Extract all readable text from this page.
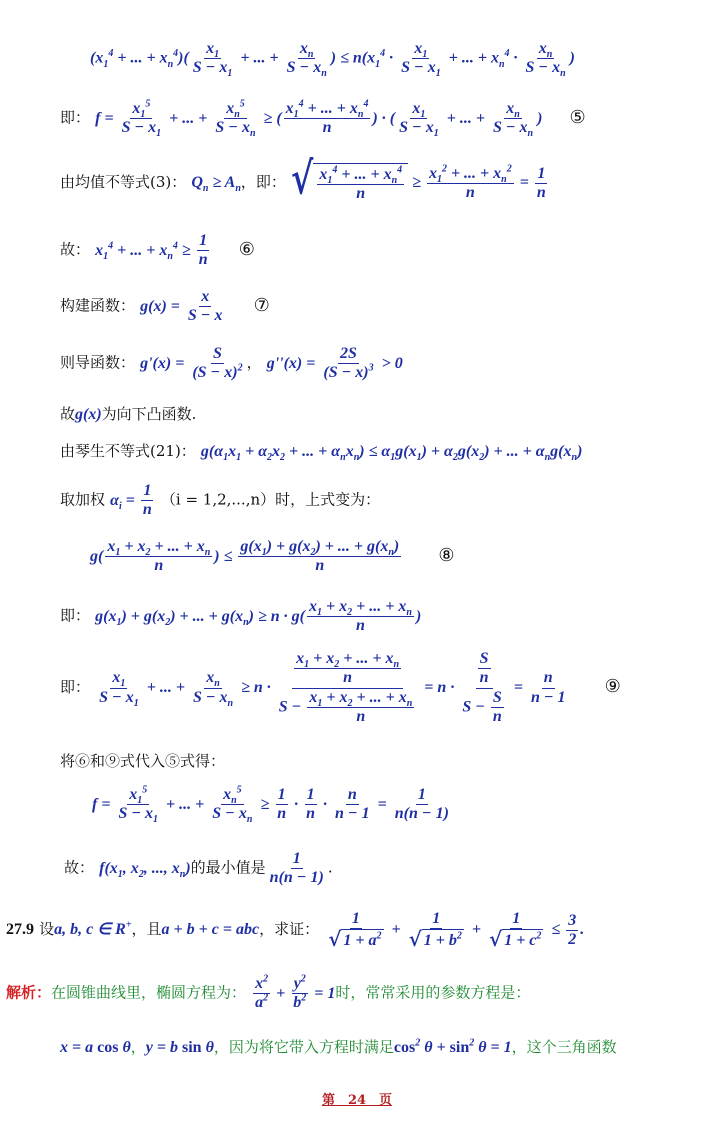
($x_1^4$ + ... + $x_n^4)( \frac{x_1}{S - x_1}$ + ... + $\frac{x_n}{S - x_n}$ ) ≤ $n(x_1^4 \cdot \frac{x_1}{S - x_1}$ + ... + $x_n^4 \cdot \frac{x_n}{S - x_n}$ )
即： $f = \frac{x_1^5}{S - x_1}$ + ... + $\frac{x_n^5}{S - x_n}$ ≥ ( $\frac{x_1^4 + ... + x_n^4}{n}$ ) · ( $\frac{x_1}{S - x_1}$ + ... + $\frac{x_n}{S - x_n}$ ) ⑤
由均值不等式(3)： $Q_n \ge A_n$，即： √ $\frac{x_1^4 + ... + x_n^4}{n} \ge \frac{x_1^2 + ... + x_n^2}{n} = \frac{1}{n}$
故： $x_1^4$ + ... + $x_n^4 \ge \frac{1}{n}$ ⑥
构建函数： $g(x) = \frac{x}{S - x}$ ⑦
则导函数： $g'(x) = \frac{S}{(S - x)^2}$ ， $g''(x) = \frac{2S}{(S - x)^3} > 0$
故g(x)为向下凸函数.
由琴生不等式(21)： $g(\alpha_1x_1 + \alpha_2x_2$ + ... + $\alpha_nx_n) \le \alpha_1g(x_1) + \alpha_2g(x_2)$ + ... + $\alpha_ng(x_n)$
取加权 $\alpha_i = \frac{1}{n} (i = 1,2,...,n)$时，上式变为：
$g( \frac{x_1 + x_2 + ... + x_n}{n}$ ) ≤ $\frac{g(x_1) + g(x_2) + ... + g(x_n)}{n}$ ⑧
即： $g(x_1) + g(x_2)$ + ... + $g(x_n) \ge n \cdot g( \frac{x_1 + x_2 + ... + x_n}{n}$ )
即： $\frac{x_1}{S - x_1}$ + ... + $\frac{x_n}{S - x_n} \ge n \cdot \frac{\frac{x_1 + x_2 + ... + x_n}{n}}{S - \frac{x_1 + x_2 + ... + x_n}{n}} = n \cdot \frac{\frac{S}{n}}{S - \frac{S}{n}} = \frac{n}{n - 1}$ ⑨
将⑥和⑨式代入⑤式得：
$f = \frac{x_1^5}{S - x_1}$ + ... + $\frac{x_n^5}{S - x_n} \ge \frac{1}{n} \cdot \frac{1}{n} \cdot \frac{n}{n - 1} = \frac{1}{n(n - 1)}$
故： $f(x_1$, $x_2$, ..., $x_n$)的最小值是 $\frac{1}{n(n - 1)}$ .
27.9 设a, b, c ∈ R+，且a + b + c = abc，求证： $\frac{1}{√ 1 + a^2} + \frac{1}{√ 1 + b^2} + \frac{1}{√ 1 + c^2} \le \frac{3}{2}$ .
解析：在圆锥曲线里，椭圆方程为： $\frac{x^2}{a^2} + \frac{y^2}{b^2} = 1$时，常常采用的参数方程是：
x = a cos θ，y = b sin θ，因为将它带入方程时满足$\cos^2 \theta + \sin^2 \theta = 1$，这个三角函数
第　24　页
